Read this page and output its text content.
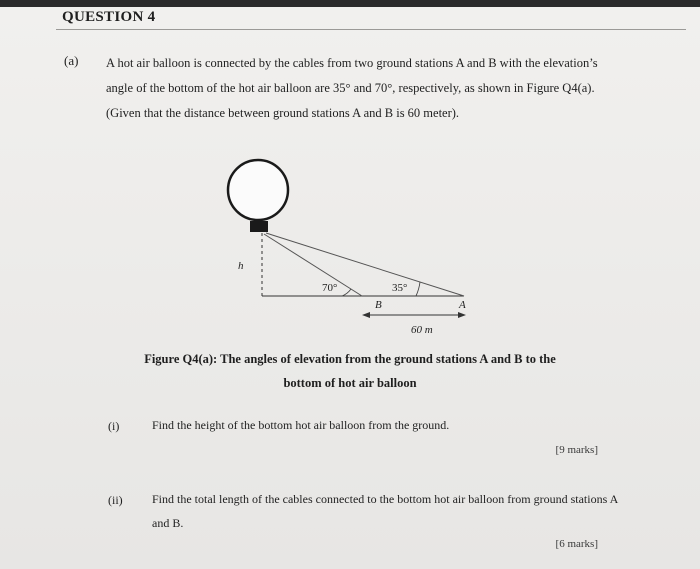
QUESTION 4
(a) A hot air balloon is connected by the cables from two ground stations A and B with the elevation’s angle of the bottom of the hot air balloon are 35° and 70°, respectively, as shown in Figure Q4(a). (Given that the distance between ground stations A and B is 60 meter).
h
70°	35°
B	A
60 m
Figure Q4(a): The angles of elevation from the ground stations A and B to the
bottom of hot air balloon
(i)	Find the height of the bottom hot air balloon from the ground.
[9 marks]
(ii) Find the total length of the cables connected to the bottom hot air balloon from ground stations A and B.
[6 marks]
